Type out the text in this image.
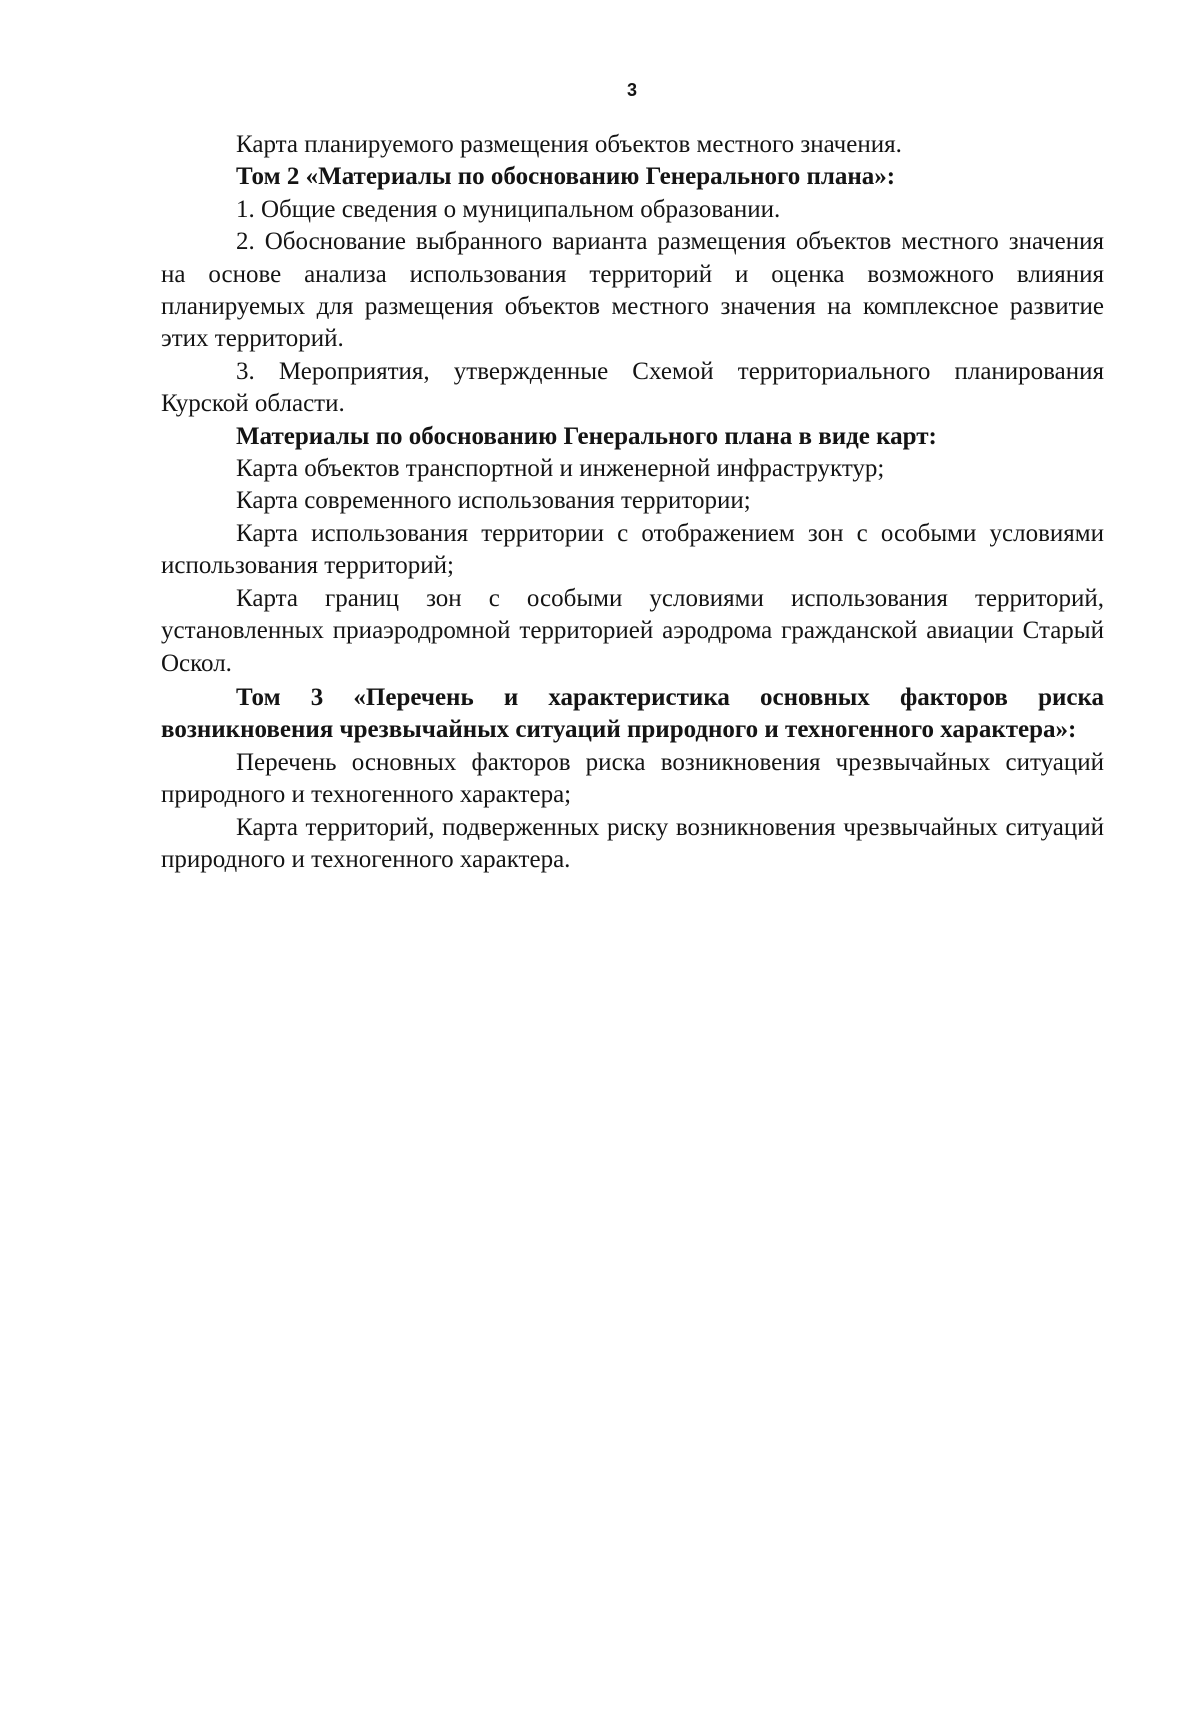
3

Карта планируемого размещения объектов местного значения.

Том 2 «Материалы по обоснованию Генерального плана»:

1. Общие сведения о муниципальном образовании.

2. Обоснование выбранного варианта размещения объектов местного значения на основе анализа использования территорий и оценка возможного влияния планируемых для размещения объектов местного значения на комплексное развитие этих территорий.

3. Мероприятия, утвержденные Схемой территориального планирования Курской области.

Материалы по обоснованию Генерального плана в виде карт:

Карта объектов транспортной и инженерной инфраструктур;

Карта современного использования территории;

Карта использования территории с отображением зон с особыми условиями использования территорий;

Карта границ зон с особыми условиями использования территорий, установленных приаэродромной территорией аэродрома гражданской авиации Старый Оскол.

Том 3 «Перечень и характеристика основных факторов риска возникновения чрезвычайных ситуаций природного и техногенного характера»:

Перечень основных факторов риска возникновения чрезвычайных ситуаций природного и техногенного характера;

Карта территорий, подверженных риску возникновения чрезвычайных ситуаций природного и техногенного характера.
